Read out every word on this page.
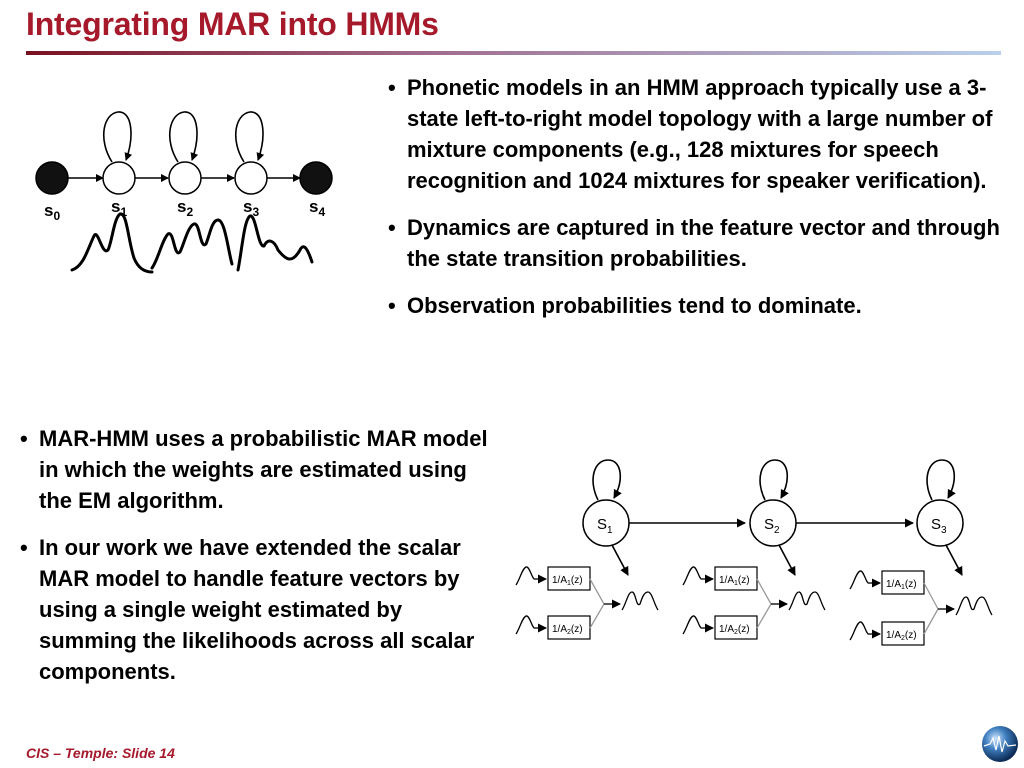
Integrating MAR into HMMs
$s_0$	$s_1$	$s_2$	$s_3$	$s_4$
• Phonetic models in an HMM approach typically use a 3-state left-to-right model topology with a large number of mixture components (e.g., 128 mixtures for speech recognition and 1024 mixtures for speaker verification).
• Dynamics are captured in the feature vector and through the state transition probabilities.
• Observation probabilities tend to dominate.
• MAR-HMM uses a probabilistic MAR model in which the weights are estimated using the EM algorithm.
• In our work we have extended the scalar MAR model to handle feature vectors by using a single weight estimated by summing the likelihoods across all scalar components.
$S_1$	$S_2$	$S_3$
$1/A_1(z)$
$1/A_2(z)$
$1/A_1(z)$
$1/A_2(z)$
$1/A_1(z)$
$1/A_2(z)$
CIS – Temple: Slide 14
